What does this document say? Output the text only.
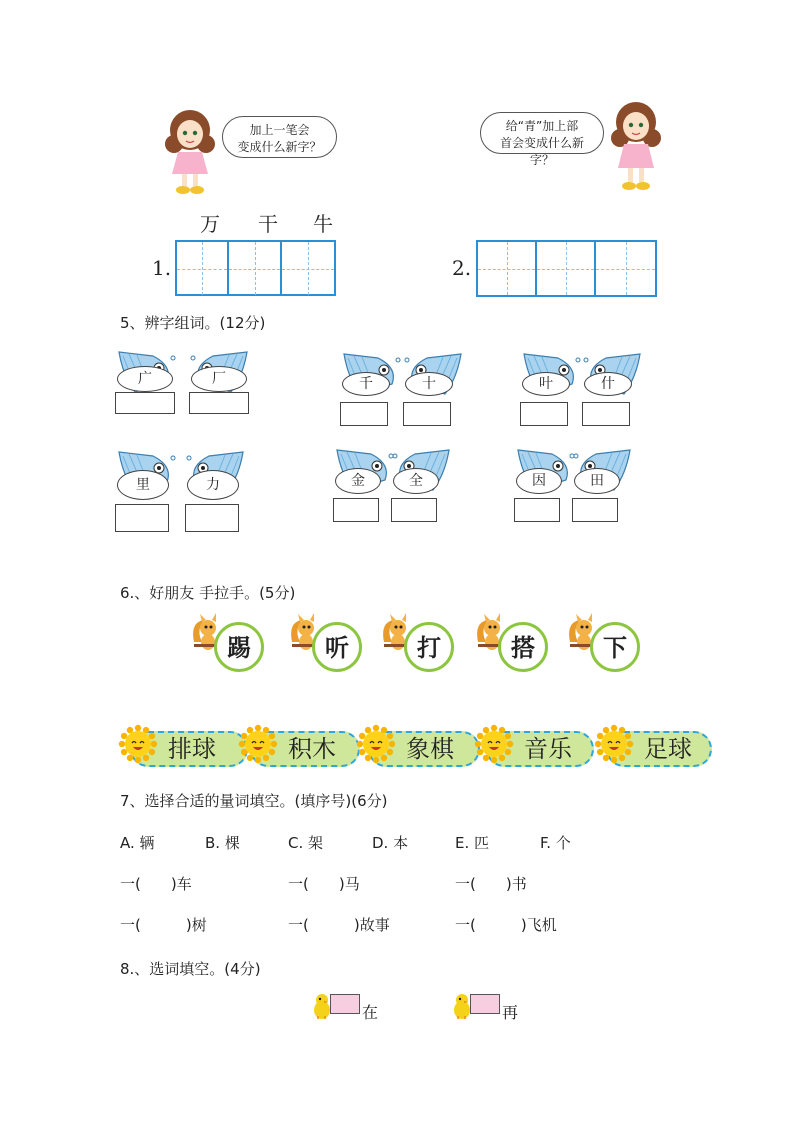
加上一笔会
变成什么新字？
给“青”加上部
首会变成什么新字？
万 干 牛
1.	2.
5、辨字组词。(12分)
广	厂	千	十	叶	什
里	力	金	全	因	田
6.、好朋友 手拉手。(5分)
踢	听	打	搭	下
排球	积木	象棋	音乐	足球
7、选择合适的量词填空。(填序号)(6分)
A. 辆	B. 棵	C. 架	D. 本	E. 匹	F. 个
一(　　)车	一(　　)马	一(　　)书
一(　　　)树	一(　　　)故事	一(　　　)飞机
8.、选词填空。(4分)
在	再
